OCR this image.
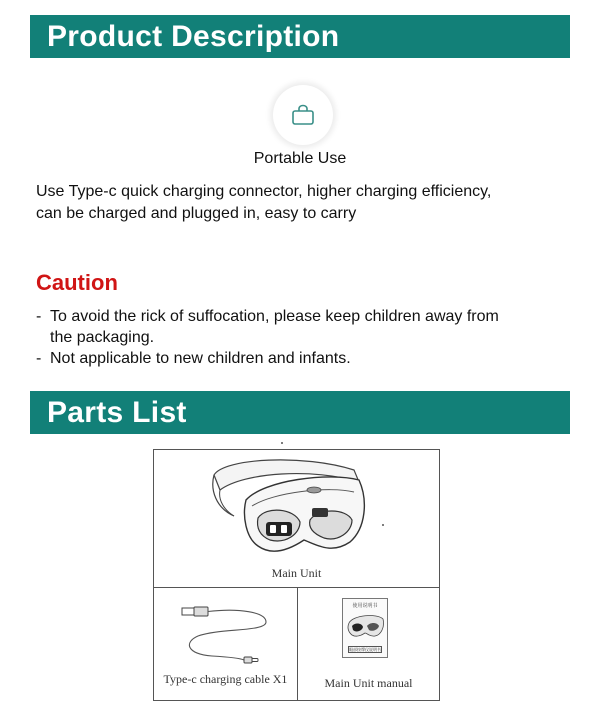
Product Description
Portable Use
Use Type-c quick charging connector, higher charging efficiency,
can be charged and plugged in, easy to carry
Caution
- To avoid the rick of suffocation, please keep children away from
the packaging.
- Not applicable to new children and infants.
Parts List
Main Unit
Type-c charging cable X1
使用说明书
眼部按摩仪说明书
Main Unit manual
